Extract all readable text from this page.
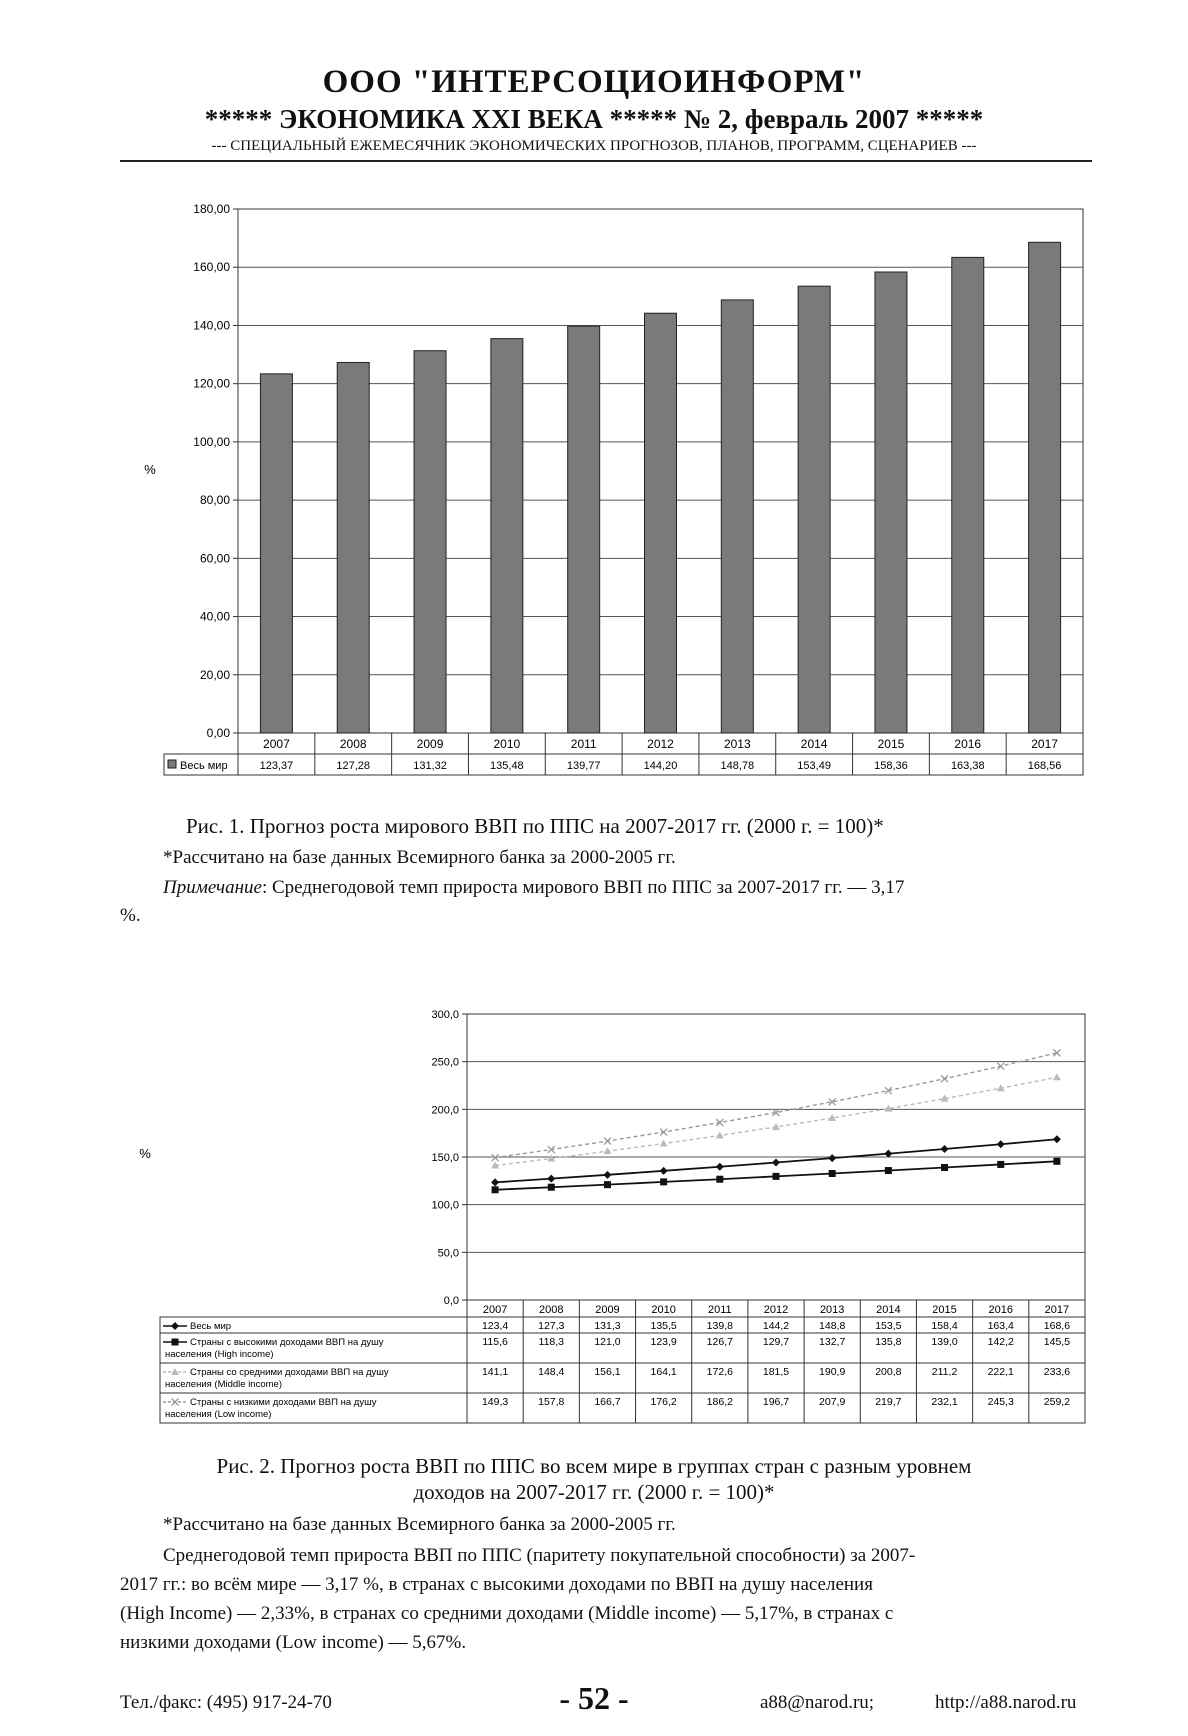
ООО "ИНТЕРСОЦИОИНФОРМ"
***** ЭКОНОМИКА XXI ВЕКА ***** № 2, февраль 2007 *****
--- СПЕЦИАЛЬНЫЙ ЕЖЕМЕСЯЧНИК ЭКОНОМИЧЕСКИХ ПРОГНОЗОВ, ПЛАНОВ, ПРОГРАММ, СЦЕНАРИЕВ ---
0,00
20,00
40,00
60,00
80,00
100,00
120,00
140,00
160,00
180,00
%
2007	2008	2009	2010	2011	2012	2013	2014	2015	2016	2017
Весь мир	123,37	127,28	131,32	135,48	139,77	144,20	148,78	153,49	158,36	163,38	168,56
0,0
50,0
100,0
150,0
200,0
250,0
300,0
%
2007	2008	2009	2010	2011	2012	2013	2014	2015	2016	2017
Весь мир	123,4	127,3	131,3	135,5	139,8	144,2	148,8	153,5	158,4	163,4	168,6
Страны с высокими доходами ВВП на душу населения (High income)
115,6	118,3	121,0	123,9	126,7	129,7	132,7	135,8	139,0	142,2	145,5
Страны со средними доходами ВВП на душу населения (Middle income)
141,1	148,4	156,1	164,1	172,6	181,5	190,9	200,8	211,2	222,1	233,6
Страны с низкими доходами ВВП на душу населения (Low income)
149,3	157,8	166,7	176,2	186,2	196,7	207,9	219,7	232,1	245,3	259,2
Рис. 1. Прогноз роста мирового ВВП по ППС на 2007-2017 гг. (2000 г. = 100)*
*Рассчитано на базе данных Всемирного банка за 2000-2005 гг.
Примечание: Среднегодовой темп прироста мирового ВВП по ППС за 2007-2017 гг. — 3,17
%.
Рис. 2. Прогноз роста ВВП по ППС во всем мире в группах стран с разным уровнем
доходов на 2007-2017 гг. (2000 г. = 100)*
*Рассчитано на базе данных Всемирного банка за 2000-2005 гг.
Среднегодовой темп прироста ВВП по ППС (паритету покупательной способности) за 2007-
2017 гг.: во всём мире — 3,17 %, в странах с высокими доходами по ВВП на душу населения
(High Income) — 2,33%, в странах со средними доходами (Middle income) — 5,17%, в странах с
низкими доходами (Low income) — 5,67%.
Тел./факс: (495) 917-24-70	- 52 -	a88@narod.ru;	http://a88.narod.ru
